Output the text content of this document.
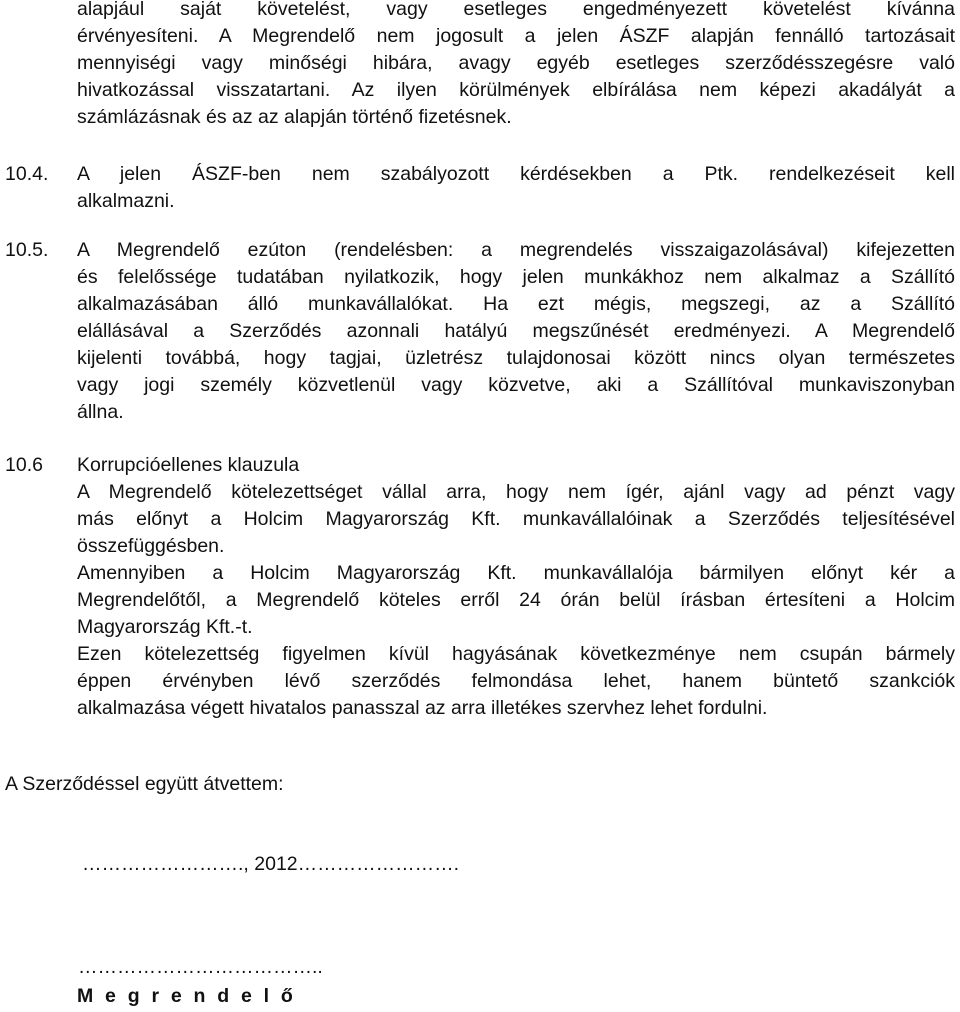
alapjául saját követelést, vagy esetleges engedményezett követelést kívánna
érvényesíteni. A Megrendelő nem jogosult a jelen ÁSZF alapján fennálló tartozásait
mennyiségi vagy minőségi hibára, avagy egyéb esetleges szerződésszegésre való
hivatkozással visszatartani. Az ilyen körülmények elbírálása nem képezi akadályát a
számlázásnak és az az alapján történő fizetésnek.
10.4. A jelen ÁSZF-ben nem szabályozott kérdésekben a Ptk. rendelkezéseit kell
alkalmazni.
10.5. A Megrendelő ezúton (rendelésben: a megrendelés visszaigazolásával) kifejezetten
és felelőssége tudatában nyilatkozik, hogy jelen munkákhoz nem alkalmaz a Szállító
alkalmazásában álló munkavállalókat. Ha ezt mégis, megszegi, az a Szállító
elállásával a Szerződés azonnali hatályú megszűnését eredményezi. A Megrendelő
kijelenti továbbá, hogy tagjai, üzletrész tulajdonosai között nincs olyan természetes
vagy jogi személy közvetlenül vagy közvetve, aki a Szállítóval munkaviszonyban
állna.
10.6 Korrupcióellenes klauzula
A Megrendelő kötelezettséget vállal arra, hogy nem ígér, ajánl vagy ad pénzt vagy
más előnyt a Holcim Magyarország Kft. munkavállalóinak a Szerződés teljesítésével
összefüggésben.
Amennyiben a Holcim Magyarország Kft. munkavállalója bármilyen előnyt kér a
Megrendelőtől, a Megrendelő köteles erről 24 órán belül írásban értesíteni a Holcim
Magyarország Kft.-t.
Ezen kötelezettség figyelmen kívül hagyásának következménye nem csupán bármely
éppen érvényben lévő szerződés felmondása lehet, hanem büntető szankciók
alkalmazása végett hivatalos panasszal az arra illetékes szervhez lehet fordulni.
A Szerződéssel együtt átvettem:
……………………., 2012…………………….
………………………………..
M e g r e n d e l ő
